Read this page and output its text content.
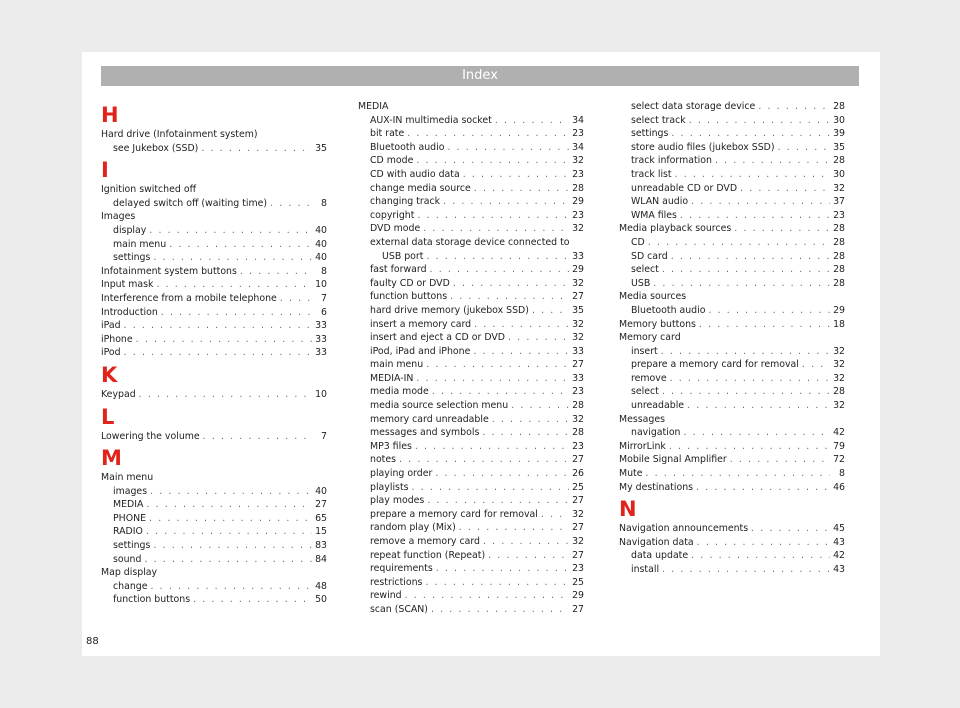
Index
H
Hard drive (Infotainment system)
see Jukebox (SSD) . . .	35
I
Ignition switched off
delayed switch off (waiting time) . . .	8
Images
display . . .	40
main menu . . .	40
settings . . .	40
Infotainment system buttons . . .	8
Input mask . . .	10
Interference from a mobile telephone . . .	7
Introduction . . .	6
iPad . . .	33
iPhone . . .	33
iPod . . .	33
K
Keypad . . .	10
L
Lowering the volume . . .	7
M
Main menu
images . . .	40
MEDIA . . .	27
PHONE . . .	65
RADIO . . .	15
settings . . .	83
sound . . .	84
Map display
change . . .	48
function buttons . . .	50
MEDIA
AUX-IN multimedia socket . . .	34
bit rate . . .	23
Bluetooth audio . . .	34
CD mode . . .	32
CD with audio data . . .	23
change media source . . .	28
changing track . . .	29
copyright . . .	23
DVD mode . . .	32
external data storage device connected to
USB port . . .	33
fast forward . . .	29
faulty CD or DVD . . .	32
function buttons . . .	27
hard drive memory (jukebox SSD) . . .	35
insert a memory card . . .	32
insert and eject a CD or DVD . . .	32
iPod, iPad and iPhone . . .	33
main menu . . .	27
MEDIA-IN . . .	33
media mode . . .	23
media source selection menu . . .	28
memory card unreadable . . .	32
messages and symbols . . .	28
MP3 files . . .	23
notes . . .	27
playing order . . .	26
playlists . . .	25
play modes . . .	27
prepare a memory card for removal . . .	32
random play (Mix) . . .	27
remove a memory card . . .	32
repeat function (Repeat) . . .	27
requirements . . .	23
restrictions . . .	25
rewind . . .	29
scan (SCAN) . . .	27
select data storage device . . .	28
select track . . .	30
settings . . .	39
store audio files (jukebox SSD) . . .	35
track information . . .	28
track list . . .	30
unreadable CD or DVD . . .	32
WLAN audio . . .	37
WMA files . . .	23
Media playback sources . . .	28
CD . . .	28
SD card . . .	28
select . . .	28
USB . . .	28
Media sources
Bluetooth audio . . .	29
Memory buttons . . .	18
Memory card
insert . . .	32
prepare a memory card for removal . . .	32
remove . . .	32
select . . .	28
unreadable . . .	32
Messages
navigation . . .	42
MirrorLink . . .	79
Mobile Signal Amplifier . . .	72
Mute . . .	8
My destinations . . .	46
N
Navigation announcements . . .	45
Navigation data . . .	43
data update . . .	42
install . . .	43
88
